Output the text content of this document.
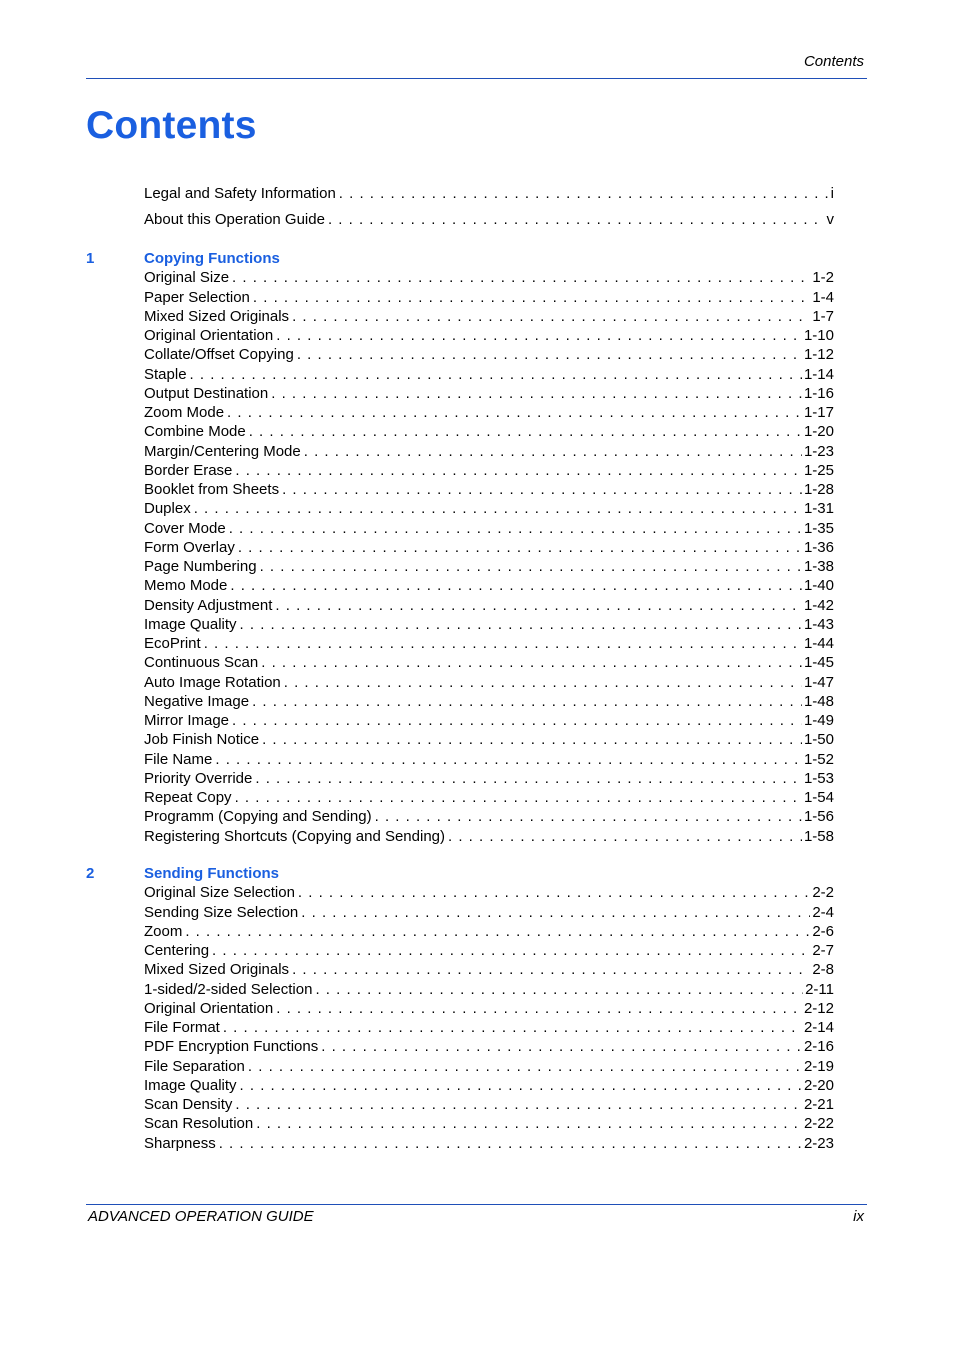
Contents
Contents
Legal and Safety Information . . .	i
About this Operation Guide . . .	v
1	Copying Functions
Original Size . . .	1-2
Paper Selection . . .	1-4
Mixed Sized Originals . . .	1-7
Original Orientation . . .	1-10
Collate/Offset Copying . . .	1-12
Staple . . .	1-14
Output Destination . . .	1-16
Zoom Mode . . .	1-17
Combine Mode . . .	1-20
Margin/Centering Mode . . .	1-23
Border Erase . . .	1-25
Booklet from Sheets . . .	1-28
Duplex . . .	1-31
Cover Mode . . .	1-35
Form Overlay . . .	1-36
Page Numbering . . .	1-38
Memo Mode . . .	1-40
Density Adjustment . . .	1-42
Image Quality . . .	1-43
EcoPrint . . .	1-44
Continuous Scan . . .	1-45
Auto Image Rotation . . .	1-47
Negative Image . . .	1-48
Mirror Image . . .	1-49
Job Finish Notice . . .	1-50
File Name . . .	1-52
Priority Override . . .	1-53
Repeat Copy . . .	1-54
Programm (Copying and Sending) . . .	1-56
Registering Shortcuts (Copying and Sending) . . .	1-58
2	Sending Functions
Original Size Selection . . .	2-2
Sending Size Selection . . .	2-4
Zoom . . .	2-6
Centering . . .	2-7
Mixed Sized Originals . . .	2-8
1-sided/2-sided Selection . . .	2-11
Original Orientation . . .	2-12
File Format . . .	2-14
PDF Encryption Functions . . .	2-16
File Separation . . .	2-19
Image Quality . . .	2-20
Scan Density . . .	2-21
Scan Resolution . . .	2-22
Sharpness . . .	2-23
ADVANCED OPERATION GUIDE	ix
